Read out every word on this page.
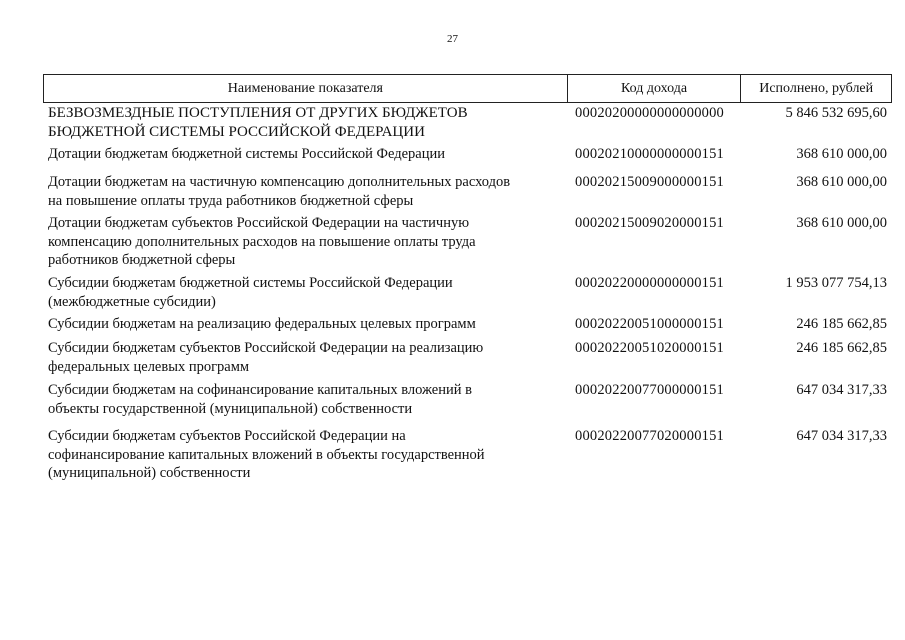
27
Наименование показателя	Код дохода	Исполнено, рублей
БЕЗВОЗМЕЗДНЫЕ ПОСТУПЛЕНИЯ ОТ ДРУГИХ БЮДЖЕТОВ
БЮДЖЕТНОЙ СИСТЕМЫ РОССИЙСКОЙ ФЕДЕРАЦИИ
00020200000000000000	5 846 532 695,60
Дотации бюджетам бюджетной системы Российской Федерации	00020210000000000151	368 610 000,00
Дотации бюджетам на частичную компенсацию дополнительных расходов
на повышение оплаты труда работников бюджетной сферы
00020215009000000151	368 610 000,00
Дотации бюджетам субъектов Российской Федерации на частичную
компенсацию дополнительных расходов на повышение оплаты труда
работников бюджетной сферы
00020215009020000151	368 610 000,00
Субсидии бюджетам бюджетной системы Российской Федерации
(межбюджетные субсидии)
00020220000000000151	1 953 077 754,13
Субсидии бюджетам на реализацию федеральных целевых программ	00020220051000000151	246 185 662,85
Субсидии бюджетам субъектов Российской Федерации на реализацию
федеральных целевых программ
00020220051020000151	246 185 662,85
Субсидии бюджетам на софинансирование капитальных вложений в
объекты государственной (муниципальной) собственности
00020220077000000151	647 034 317,33
Субсидии бюджетам субъектов Российской Федерации на
софинансирование капитальных вложений в объекты государственной
(муниципальной) собственности
00020220077020000151	647 034 317,33
